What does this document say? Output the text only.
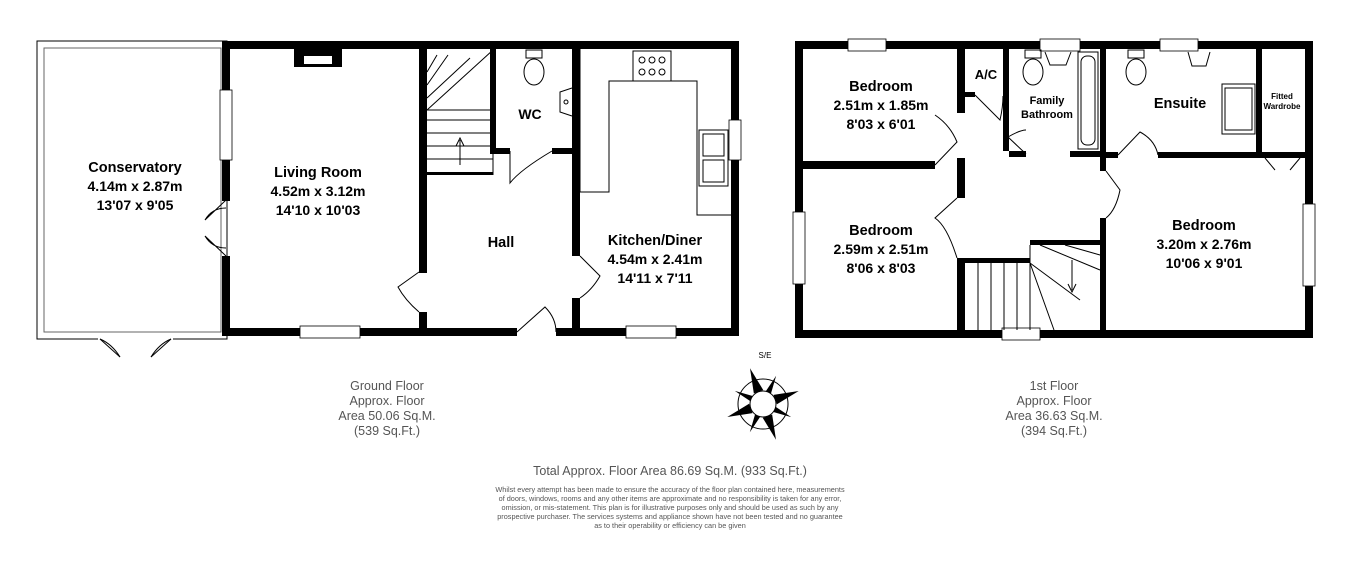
Conservatory
4.14m x 2.87m
13'07 x 9'05
Living Room
4.52m x 3.12m
14'10 x 10'03
WC
Hall	Kitchen/Diner
4.54m x 2.41m
14'11 x 7'11
Bedroom
2.51m x 1.85m
8'03 x 6'01
A/C
Family
Bathroom
Ensuite	Fitted
Wardrobe
Bedroom
2.59m x 2.51m
8'06 x 8'03
Bedroom
3.20m x 2.76m
10'06 x 9'01
S/E
Ground Floor
Approx. Floor
Area 50.06 Sq.M.
(539 Sq.Ft.)
1st Floor
Approx. Floor
Area 36.63 Sq.M.
(394 Sq.Ft.)
Total Approx. Floor Area 86.69 Sq.M. (933 Sq.Ft.)
Whilst every attempt has been made to ensure the accuracy of the floor plan contained here, measurements
of doors, windows, rooms and any other items are approximate and no responsibility is taken for any error,
omission, or mis-statement. This plan is for illustrative purposes only and should be used as such by any
prospective purchaser. The services systems and appliance shown have not been tested and no guarantee
as to their operability or efficiency can be given
